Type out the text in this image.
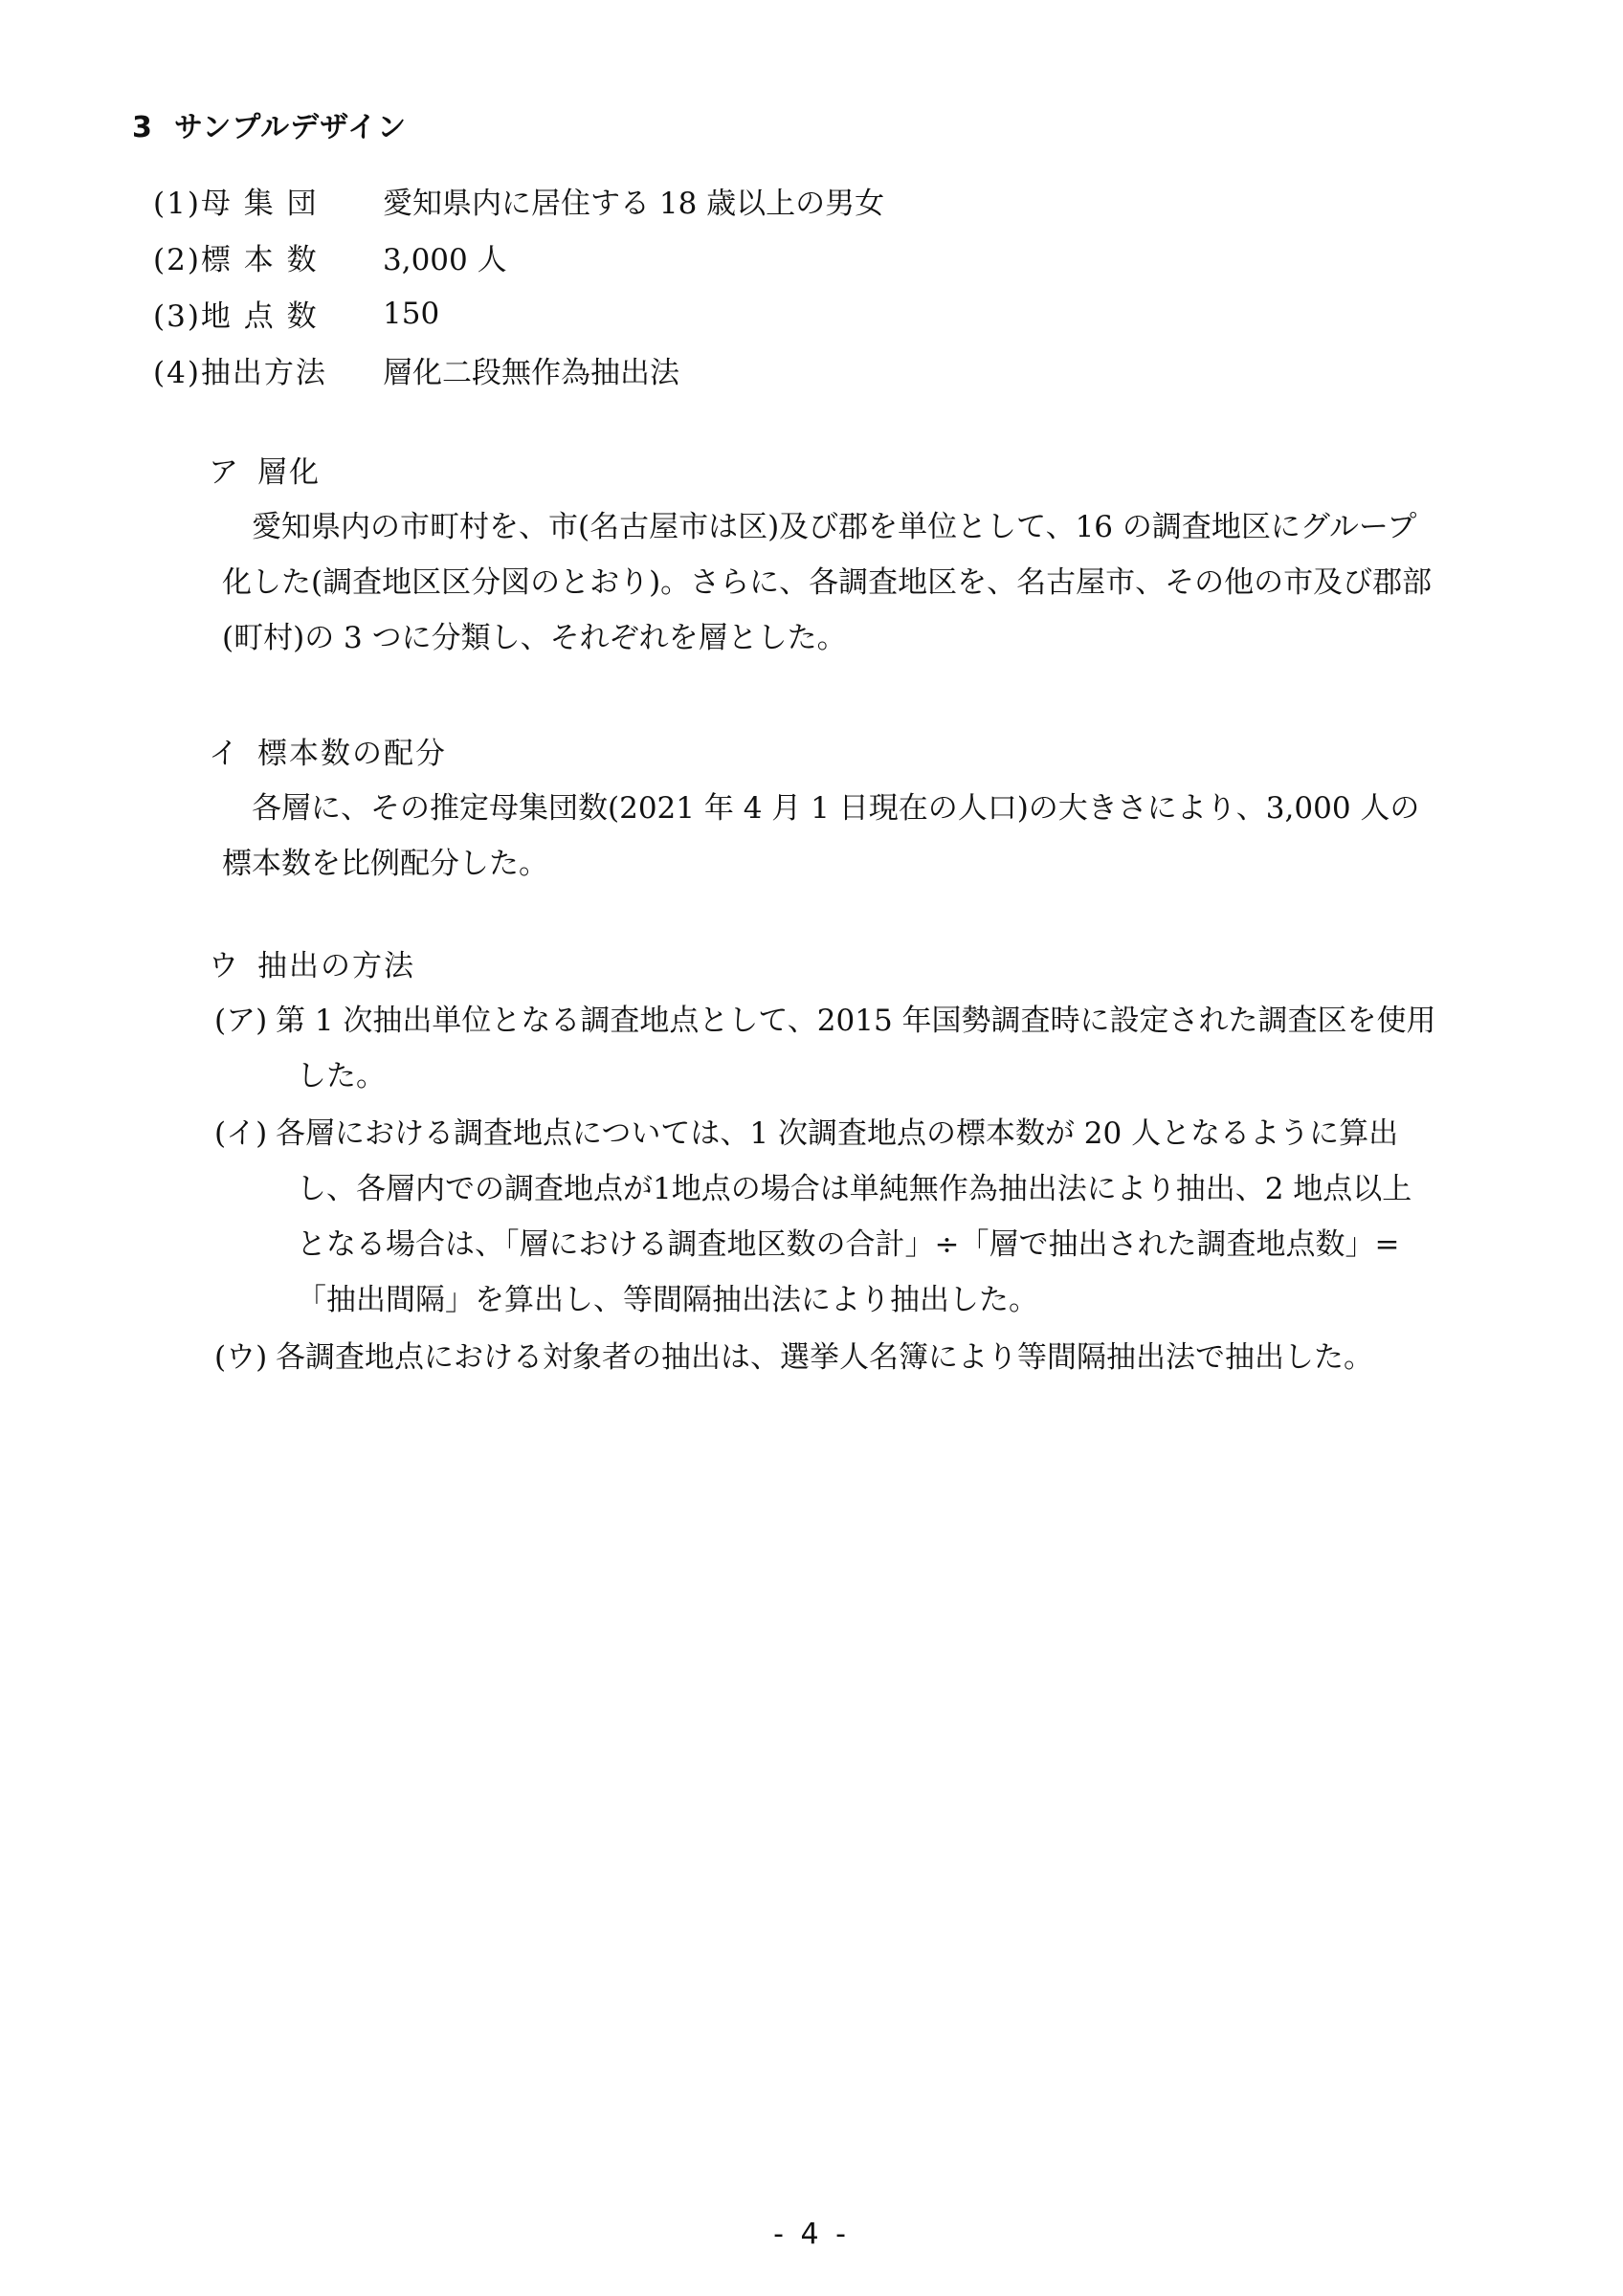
3 サンプルデザイン
(1)母 集 団	愛知県内に居住する 18 歳以上の男女
(2)標 本 数	3,000 人
(3)地 点 数	150
(4)抽出方法	層化二段無作為抽出法
ア 層化

愛知県内の市町村を、市(名古屋市は区)及び郡を単位として、16 の調査地区にグループ化した(調査地区区分図のとおり)。さらに、各調査地区を、名古屋市、その他の市及び郡部(町村)の 3 つに分類し、それぞれを層とした。

イ 標本数の配分

各層に、その推定母集団数(2021 年 4 月 1 日現在の人口)の大きさにより、3,000 人の標本数を比例配分した。

ウ 抽出の方法
(ア) 第 1 次抽出単位となる調査地点として、2015 年国勢調査時に設定された調査区を使用した。
(イ) 各層における調査地点については、1 次調査地点の標本数が 20 人となるように算出し、各層内での調査地点が1地点の場合は単純無作為抽出法により抽出、2 地点以上となる場合は、「層における調査地区数の合計」÷「層で抽出された調査地点数」=「抽出間隔」を算出し、等間隔抽出法により抽出した。
(ウ) 各調査地点における対象者の抽出は、選挙人名簿により等間隔抽出法で抽出した。
- 4 -
